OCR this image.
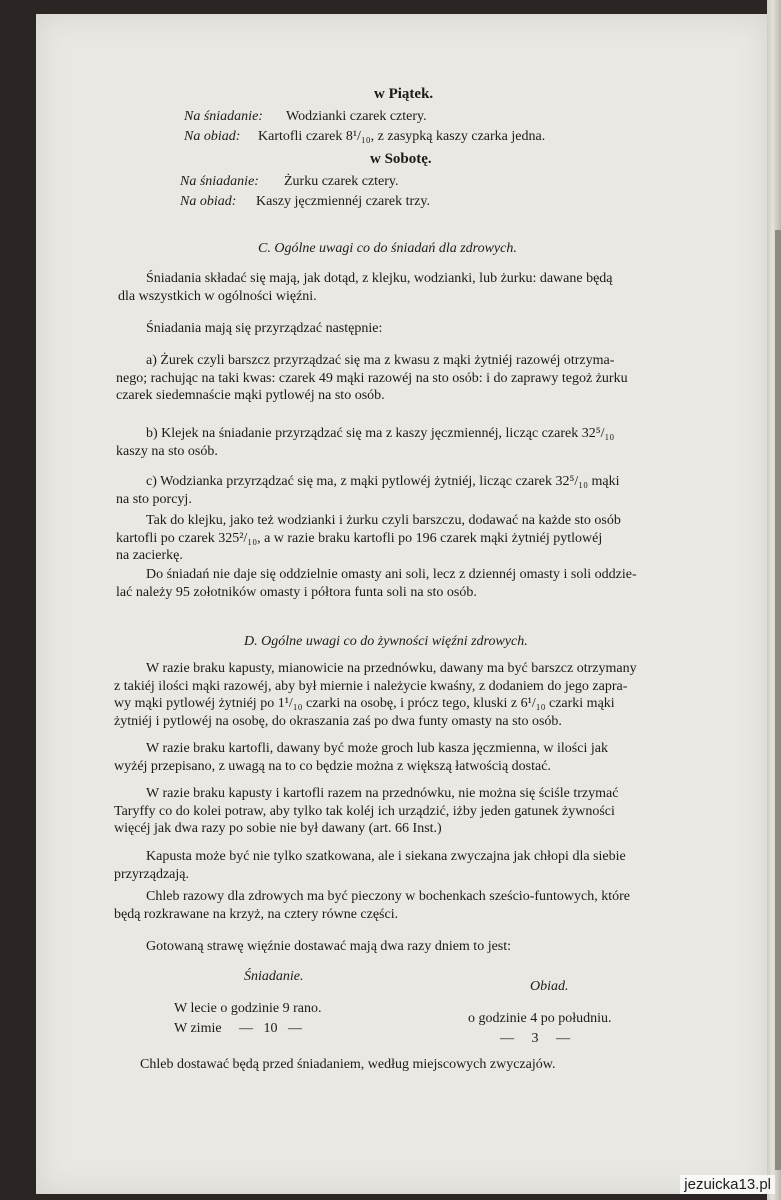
w Piątek.
Na śniadanie: Wodzianki czarek cztery.
Na obiad: Kartofli czarek 8¹/₁₀, z zasypką kaszy czarka jedna.
w Sobotę.
Na śniadanie: Żurku czarek cztery.
Na obiad: Kaszy jęczmiennéj czarek trzy.
C. Ogólne uwagi co do śniadań dla zdrowych.
Śniadania składać się mają, jak dotąd, z klejku, wodzianki, lub żurku: dawane będą
dla wszystkich w ogólności więźni.
Śniadania mają się przyrządzać następnie:
a) Żurek czyli barszcz przyrządzać się ma z kwasu z mąki żytniéj razowéj otrzyma-
nego; rachując na taki kwas: czarek 49 mąki razowéj na sto osób: i do zaprawy tegoż żurku
czarek siedemnaście mąki pytlowéj na sto osób.
b) Klejek na śniadanie przyrządzać się ma z kaszy jęczmiennéj, licząc czarek 32⁵/₁₀
kaszy na sto osób.
c) Wodzianka przyrządzać się ma, z mąki pytlowéj żytniéj, licząc czarek 32⁵/₁₀ mąki
na sto porcyj.
Tak do klejku, jako też wodzianki i żurku czyli barszczu, dodawać na każde sto osób
kartofli po czarek 325²/₁₀, a w razie braku kartofli po 196 czarek mąki żytniéj pytlowéj
na zacierkę.
Do śniadań nie daje się oddzielnie omasty ani soli, lecz z dziennéj omasty i soli oddzie-
lać należy 95 zołotników omasty i półtora funta soli na sto osób.
D. Ogólne uwagi co do żywności więźni zdrowych.
W razie braku kapusty, mianowicie na przednówku, dawany ma być barszcz otrzymany
z takiéj ilości mąki razowéj, aby był miernie i należycie kwaśny, z dodaniem do jego zapra-
wy mąki pytlowéj żytniéj po 1¹/₁₀ czarki na osobę, i prócz tego, kluski z 6¹/₁₀ czarki mąki
żytniéj i pytlowéj na osobę, do okraszania zaś po dwa funty omasty na sto osób.
W razie braku kartofli, dawany być może groch lub kasza jęczmienna, w ilości jak
wyżéj przepisano, z uwagą na to co będzie można z większą łatwością dostać.
W razie braku kapusty i kartofli razem na przednówku, nie można się ściśle trzymać
Taryffy co do kolei potraw, aby tylko tak koléj ich urządzić, iżby jeden gatunek żywności
więcéj jak dwa razy po sobie nie był dawany (art. 66 Inst.)
Kapusta może być nie tylko szatkowana, ale i siekana zwyczajna jak chłopi dla siebie
przyrządzają.
Chleb razowy dla zdrowych ma być pieczony w bochenkach sześcio-funtowych, które
będą rozkrawane na krzyż, na cztery równe części.
Gotowaną strawę więźnie dostawać mają dwa razy dniem to jest:
Śniadanie.
Obiad.
W lecie o godzinie 9 rano.
o godzinie 4 po południu.
W zimie     —   10   —
—     3     —
Chleb dostawać będą przed śniadaniem, według miejscowych zwyczajów.
jezuicka13.pl
